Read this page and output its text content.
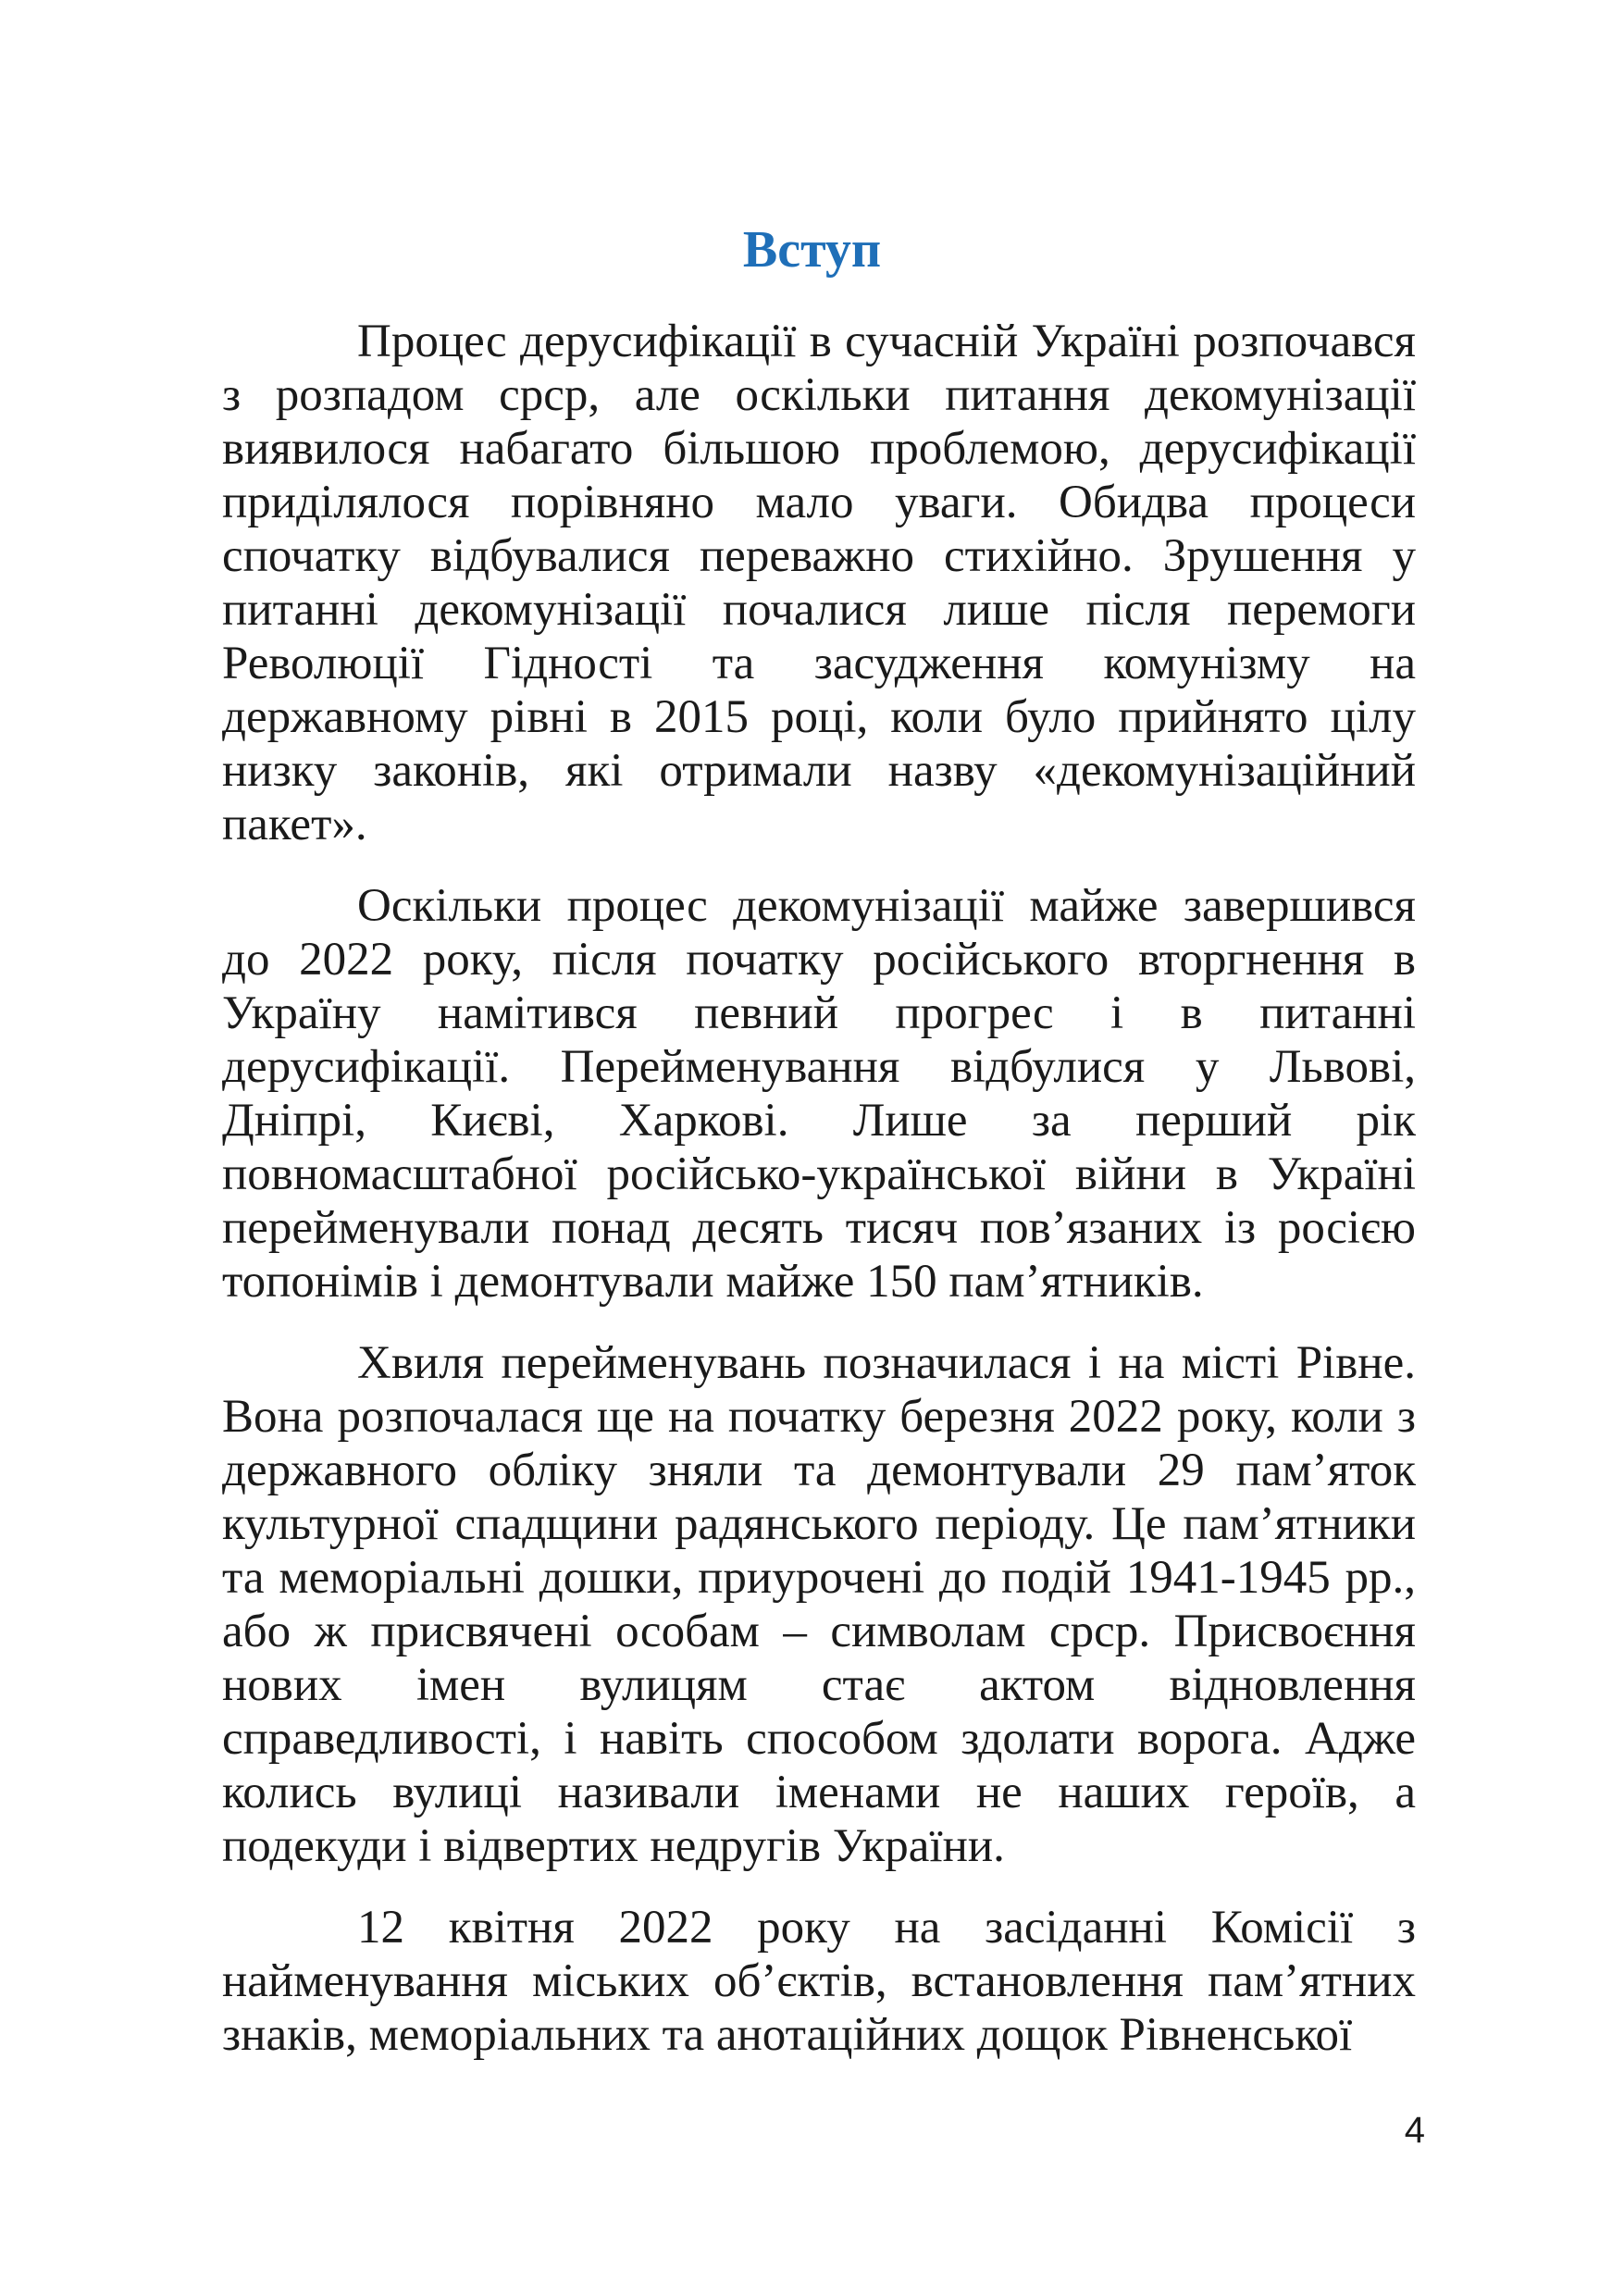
Вступ

Процес дерусифікації в сучасній Україні розпочався з розпадом срср, але оскільки питання декомунізації виявилося набагато більшою проблемою, дерусифікації приділялося порівняно мало уваги. Обидва процеси спочатку відбувалися переважно стихійно. Зрушення у питанні декомунізації почалися лише після перемоги Революції Гідності та засудження комунізму на державному рівні в 2015 році, коли було прийнято цілу низку законів, які отримали назву «декомунізаційний пакет».

Оскільки процес декомунізації майже завершився до 2022 року, після початку російського вторгнення в Україну намітився певний прогрес і в питанні дерусифікації. Перейменування відбулися у Львові, Дніпрі, Києві, Харкові. Лише за перший рік повномасштабної російсько-української війни в Україні перейменували понад десять тисяч пов’язаних із росією топонімів і демонтували майже 150 пам’ятників.

Хвиля перейменувань позначилася і на місті Рівне. Вона розпочалася ще на початку березня 2022 року, коли з державного обліку зняли та демонтували 29 пам’яток культурної спадщини радянського періоду. Це пам’ятники та меморіальні дошки, приурочені до подій 1941-1945 рр., або ж присвячені особам – символам срср. Присвоєння нових імен вулицям стає актом відновлення справедливості, і навіть способом здолати ворога. Адже колись вулиці називали іменами не наших героїв, а подекуди і відвертих недругів України.

12 квітня 2022 року на засіданні Комісії з найменування міських об’єктів, встановлення пам’ятних знаків, меморіальних та анотаційних дощок Рівненської

4
